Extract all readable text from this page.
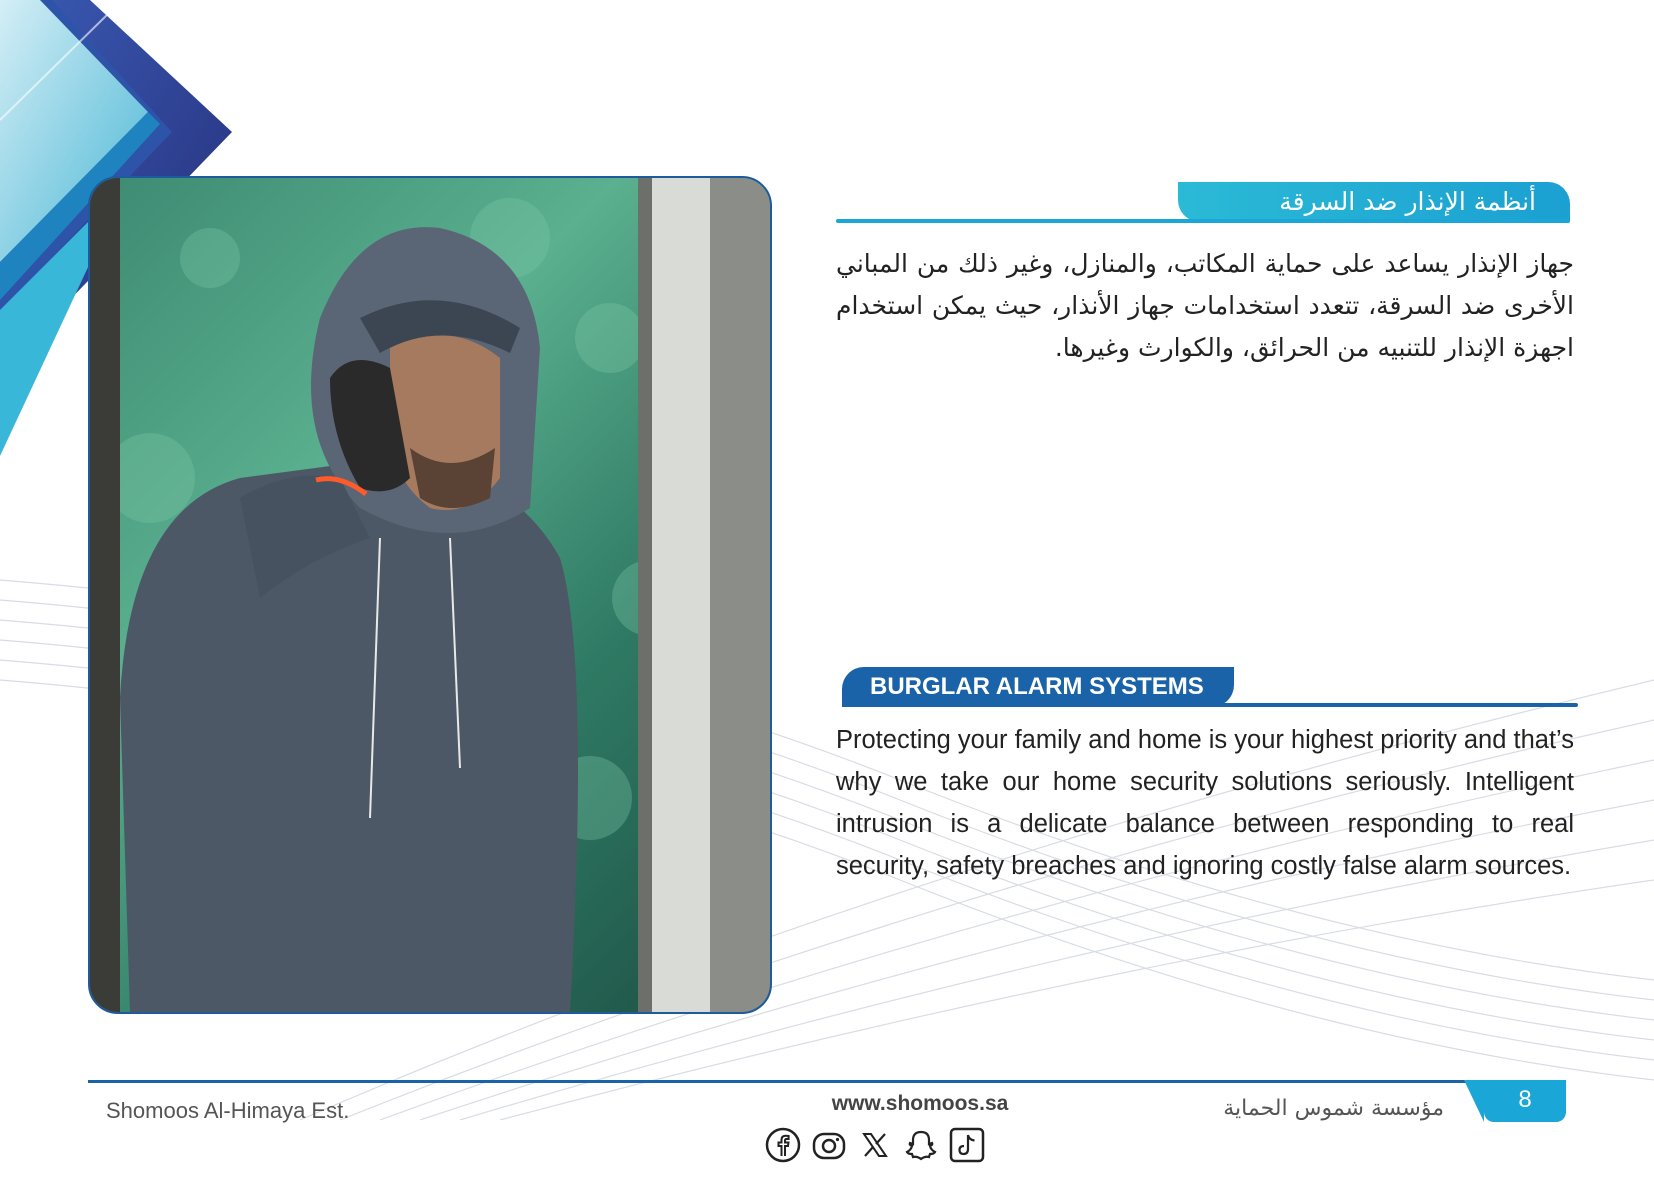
أنظمة الإنذار ضد السرقة
جهاز الإنذار يساعد على حماية المكاتب، والمنازل، وغير ذلك من المباني الأخرى ضد السرقة، تتعدد استخدامات جهاز الأنذار، حيث يمكن استخدام اجهزة الإنذار للتنبيه من الحرائق، والكوارث وغيرها.
BURGLAR ALARM SYSTEMS
Protecting your family and home is your highest priority and that’s why we take our home security solutions seriously. Intelligent intrusion is a delicate balance between responding to real security, safety breaches and ignoring costly false alarm sources.
8
Shomoos Al-Himaya Est.	www.shomoos.sa	مؤسسة شموس الحماية
